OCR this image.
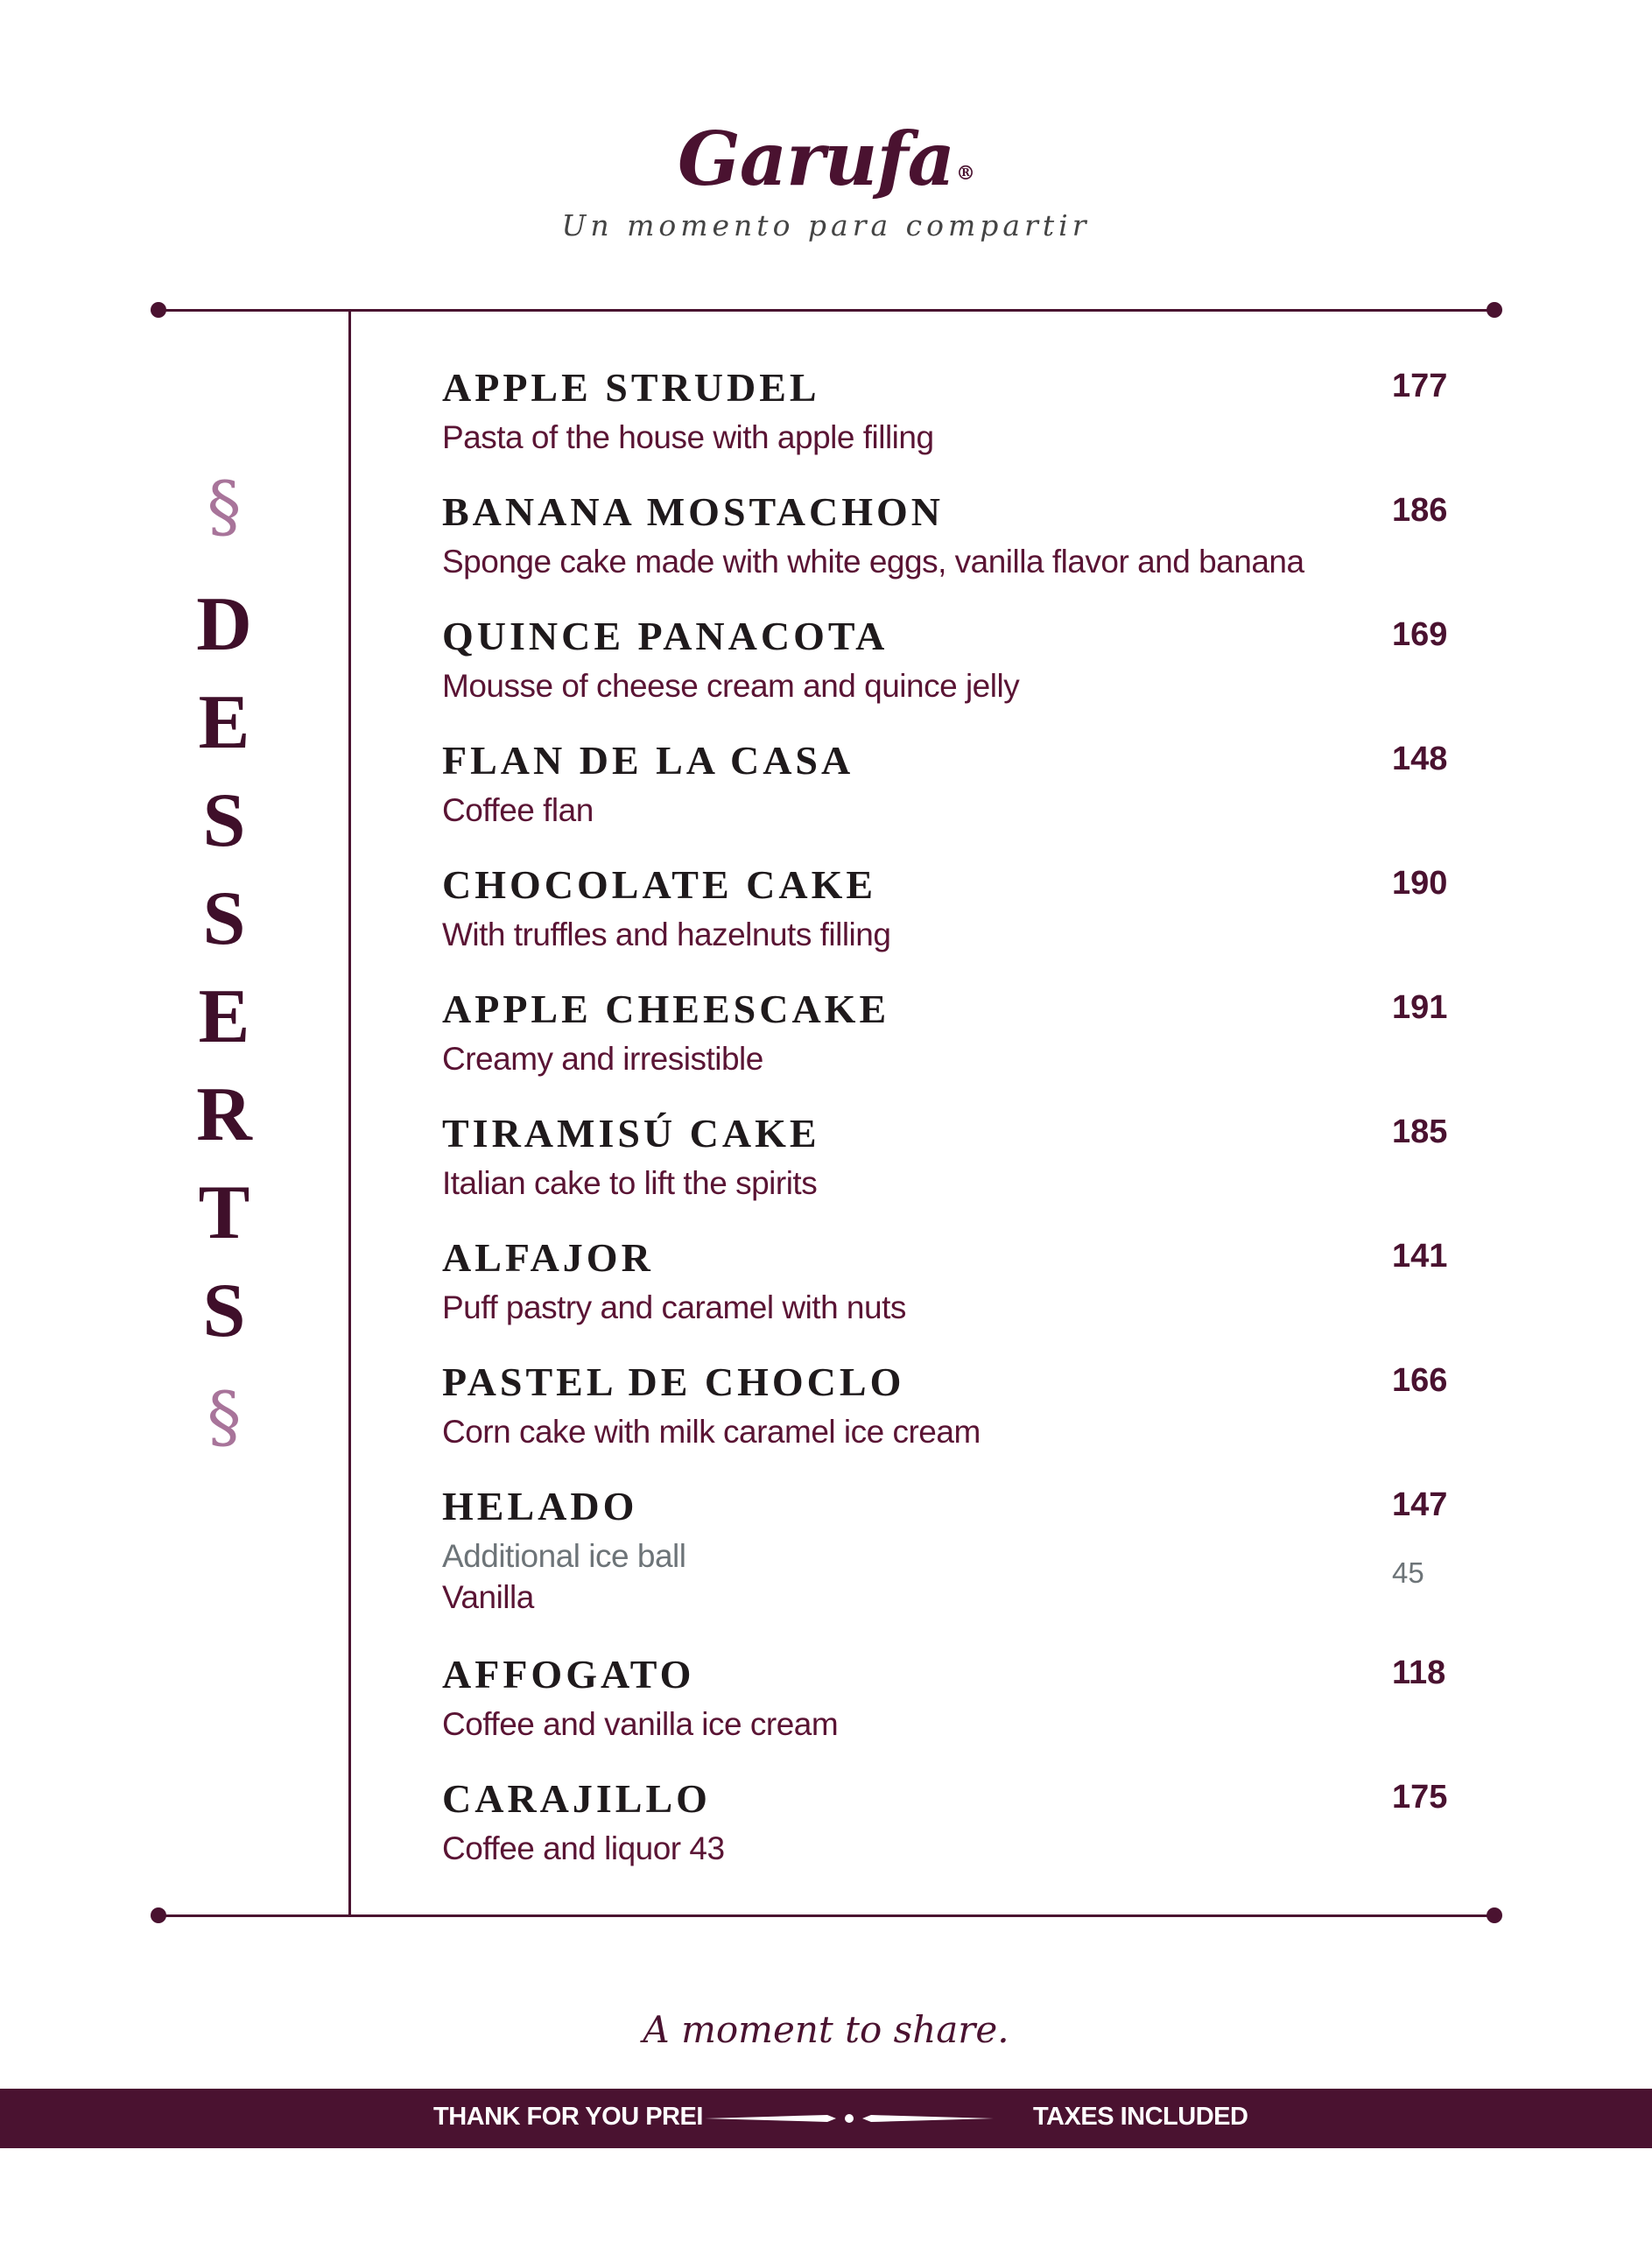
Garufa®
Un momento para compartir
§
D
E
S
S
E
R
T
S
§
APPLE STRUDEL
Pasta of the house with apple filling
177
BANANA MOSTACHON
Sponge cake made with white eggs, vanilla flavor and banana
186
QUINCE PANACOTA
Mousse of cheese cream and quince jelly
169
FLAN DE LA CASA
Coffee flan
148
CHOCOLATE CAKE
With truffles and hazelnuts filling
190
APPLE CHEESCAKE
Creamy and irresistible
191
TIRAMISÚ CAKE
Italian cake to lift the spirits
185
ALFAJOR
Puff pastry and caramel with nuts
141
PASTEL DE CHOCLO
Corn cake with milk caramel ice cream
166
HELADO
Additional ice ball
Vanilla
147
45
AFFOGATO
Coffee and vanilla ice cream
118
CARAJILLO
Coffee and liquor 43
175
A moment to share.
THANK FOR YOU PREI	TAXES INCLUDED
